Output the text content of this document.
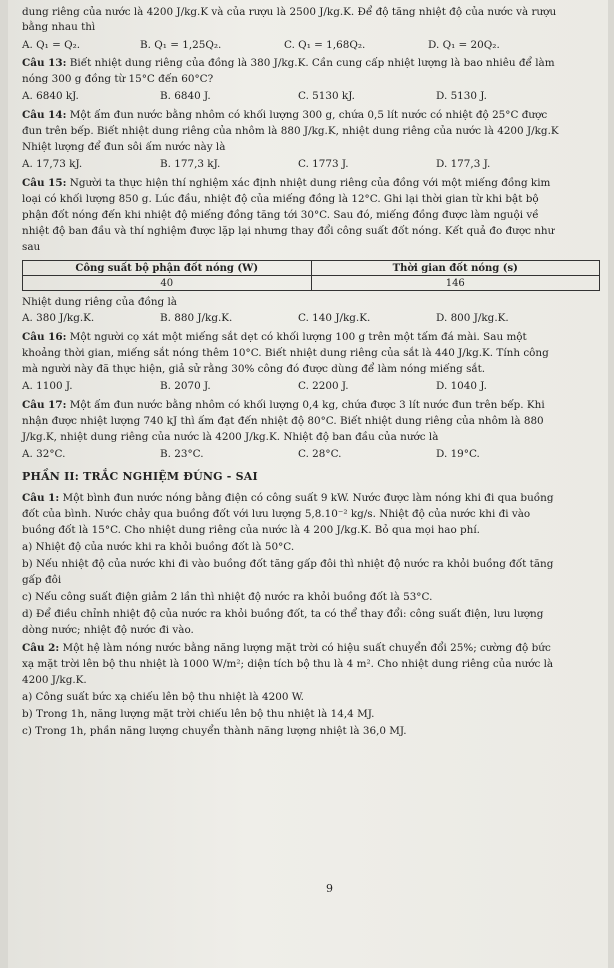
dung riêng của nước là 4200 J/kg.K và của rượu là 2500 J/kg.K. Để độ tăng nhiệt độ của nước và rượu
bằng nhau thì
A. Q₁ = Q₂.	B. Q₁ = 1,25Q₂.	C. Q₁ = 1,68Q₂.	D. Q₁ = 20Q₂.
Câu 13: Biết nhiệt dung riêng của đồng là 380 J/kg.K. Cần cung cấp nhiệt lượng là bao nhiêu để làm
nóng 300 g đồng từ 15°C đến 60°C?
A. 6840 kJ.	B. 6840 J.	C. 5130 kJ.	D. 5130 J.
Câu 14: Một ấm đun nước bằng nhôm có khối lượng 300 g, chứa 0,5 lít nước có nhiệt độ 25°C được
đun trên bếp. Biết nhiệt dung riêng của nhôm là 880 J/kg.K, nhiệt dung riêng của nước là 4200 J/kg.K
Nhiệt lượng để đun sôi ấm nước này là
A. 17,73 kJ.	B. 177,3 kJ.	C. 1773 J.	D. 177,3 J.
Câu 15: Người ta thực hiện thí nghiệm xác định nhiệt dung riêng của đồng với một miếng đồng kim
loại có khối lượng 850 g. Lúc đầu, nhiệt độ của miếng đồng là 12°C. Ghi lại thời gian từ khi bật bộ
phận đốt nóng đến khi nhiệt độ miếng đồng tăng tới 30°C. Sau đó, miếng đồng được làm nguội về
nhiệt độ ban đầu và thí nghiệm được lặp lại nhưng thay đổi công suất đốt nóng. Kết quả đo được như
sau
Công suất bộ phận đốt nóng (W)	Thời gian đốt nóng (s)
40	146
Nhiệt dung riêng của đồng là
A. 380 J/kg.K.	B. 880 J/kg.K.	C. 140 J/kg.K.	D. 800 J/kg.K.
Câu 16: Một người cọ xát một miếng sắt dẹt có khối lượng 100 g trên một tấm đá mài. Sau một
khoảng thời gian, miếng sắt nóng thêm 10°C. Biết nhiệt dung riêng của sắt là 440 J/kg.K. Tính công
mà người này đã thực hiện, giả sử rằng 30% công đó được dùng để làm nóng miếng sắt.
A. 1100 J.	B. 2070 J.	C. 2200 J.	D. 1040 J.
Câu 17: Một ấm đun nước bằng nhôm có khối lượng 0,4 kg, chứa được 3 lít nước đun trên bếp. Khi
nhận được nhiệt lượng 740 kJ thì ấm đạt đến nhiệt độ 80°C. Biết nhiệt dung riêng của nhôm là 880
J/kg.K, nhiệt dung riêng của nước là 4200 J/kg.K. Nhiệt độ ban đầu của nước là
A. 32°C.	B. 23°C.	C. 28°C.	D. 19°C.
PHẦN II: TRẮC NGHIỆM ĐÚNG - SAI
Câu 1: Một bình đun nước nóng bằng điện có công suất 9 kW. Nước được làm nóng khi đi qua buồng
đốt của bình. Nước chảy qua buồng đốt với lưu lượng 5,8.10⁻² kg/s. Nhiệt độ của nước khi đi vào
buồng đốt là 15°C. Cho nhiệt dung riêng của nước là 4 200 J/kg.K. Bỏ qua mọi hao phí.
a) Nhiệt độ của nước khi ra khỏi buồng đốt là 50°C.
b) Nếu nhiệt độ của nước khi đi vào buồng đốt tăng gấp đôi thì nhiệt độ nước ra khỏi buồng đốt tăng
gấp đôi
c) Nếu công suất điện giảm 2 lần thì nhiệt độ nước ra khỏi buồng đốt là 53°C.
d) Để điều chỉnh nhiệt độ của nước ra khỏi buồng đốt, ta có thể thay đổi: công suất điện, lưu lượng
dòng nước; nhiệt độ nước đi vào.
Câu 2: Một hệ làm nóng nước bằng năng lượng mặt trời có hiệu suất chuyển đổi 25%; cường độ bức
xạ mặt trời lên bộ thu nhiệt là 1000 W/m²; diện tích bộ thu là 4 m². Cho nhiệt dung riêng của nước là
4200 J/kg.K.
a) Công suất bức xạ chiếu lên bộ thu nhiệt là 4200 W.
b) Trong 1h, năng lượng mặt trời chiếu lên bộ thu nhiệt là 14,4 MJ.
c) Trong 1h, phần năng lượng chuyển thành năng lượng nhiệt là 36,0 MJ.
9
